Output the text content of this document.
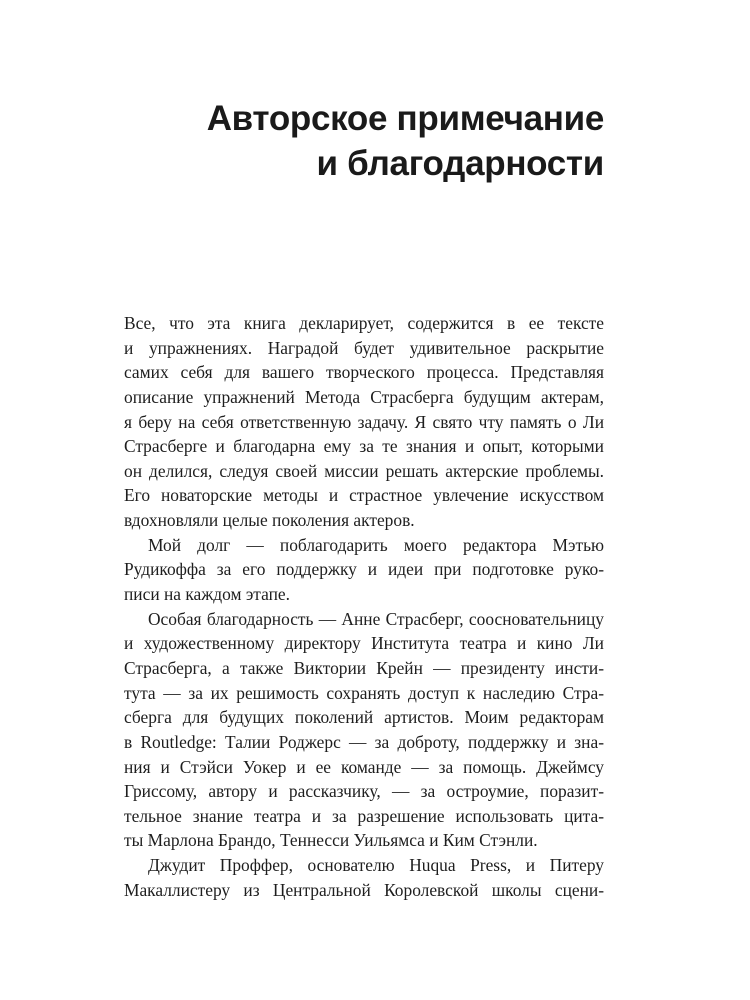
Авторское примечание
и благодарности
Все, что эта книга декларирует, содержится в ее тексте
и упражнениях. Наградой будет удивительное раскрытие
самих себя для вашего творческого процесса. Представляя
описание упражнений Метода Страсберга будущим актерам,
я беру на себя ответственную задачу. Я свято чту память о Ли
Страсберге и благодарна ему за те знания и опыт, которыми
он делился, следуя своей миссии решать актерские проблемы.
Его новаторские методы и страстное увлечение искусством
вдохновляли целые поколения актеров.
Мой долг — поблагодарить моего редактора Мэтью
Рудикоффа за его поддержку и идеи при подготовке руко-
писи на каждом этапе.
Особая благодарность — Анне Страсберг, соосновательницу
и художественному директору Института театра и кино Ли
Страсберга, а также Виктории Крейн — президенту инсти-
тута — за их решимость сохранять доступ к наследию Стра-
сберга для будущих поколений артистов. Моим редакторам
в Routledge: Талии Роджерс — за доброту, поддержку и зна-
ния и Стэйси Уокер и ее команде — за помощь. Джеймсу
Гриссому, автору и рассказчику, — за остроумие, поразит-
тельное знание театра и за разрешение использовать цита-
ты Марлона Брандо, Теннесси Уильямса и Ким Стэнли.
Джудит Проффер, основателю Huqua Press, и Питеру
Макаллистеру из Центральной Королевской школы сцени-
